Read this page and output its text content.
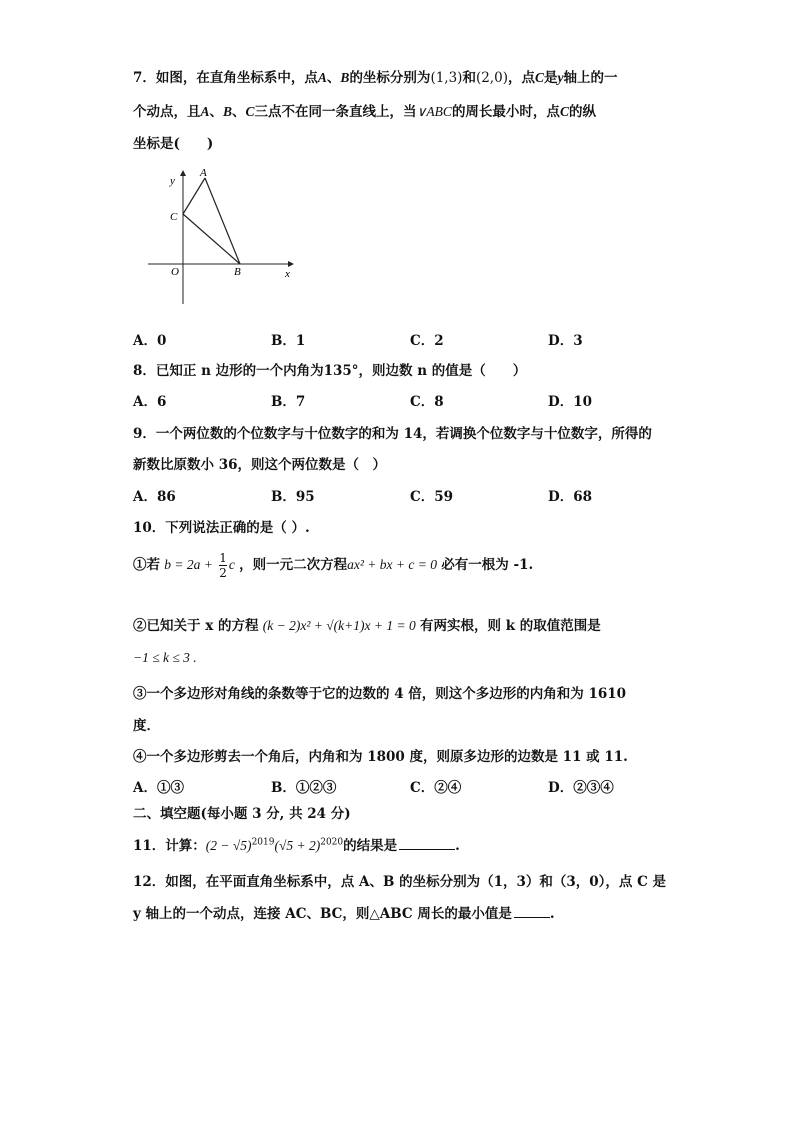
7．如图，在直角坐标系中，点A、B的坐标分别为(1,3)和(2,0)，点C是y轴上的一
个动点，且A、B、C三点不在同一条直线上，当∨ABC的周长最小时，点C的纵
坐标是(　　)
y
A
C
O	B	x
A．0	B．1	C．2	D．3
8．已知正 n 边形的一个内角为135°，则边数 n 的值是（　　）
A．6	B．7	C．8	D．10
9．一个两位数的个位数字与十位数字的和为 14，若调换个位数字与十位数字，所得的
新数比原数小 36，则这个两位数是（　）
A．86	B．95	C．59	D．68
10．下列说法正确的是（ ）.
①若 $b = 2a + \frac{1}{2}$ c ，则一元二次方程ax² + bx + c = 0 必有一根为 -1.
②已知关于 x 的方程 (k − 2)x² + √(k+1)x + 1 = 0 有两实根，则 k 的取值范围是
−1 ≤ k ≤ 3 .
③一个多边形对角线的条数等于它的边数的 4 倍，则这个多边形的内角和为 1610
度．
④一个多边形剪去一个角后，内角和为 1800 度，则原多边形的边数是 11 或 11.
A．①③	B．①②③	C．②④	D．②③④
二、填空题(每小题 3 分, 共 24 分)
11．计算：$(2 - √5)^{2019}(√5 + 2)^{2020}$的结果是	.
12．如图，在平面直角坐标系中，点 A、B 的坐标分别为（1，3）和（3，0），点 C 是
y 轴上的一个动点，连接 AC、BC，则△ABC 周长的最小值是	.
